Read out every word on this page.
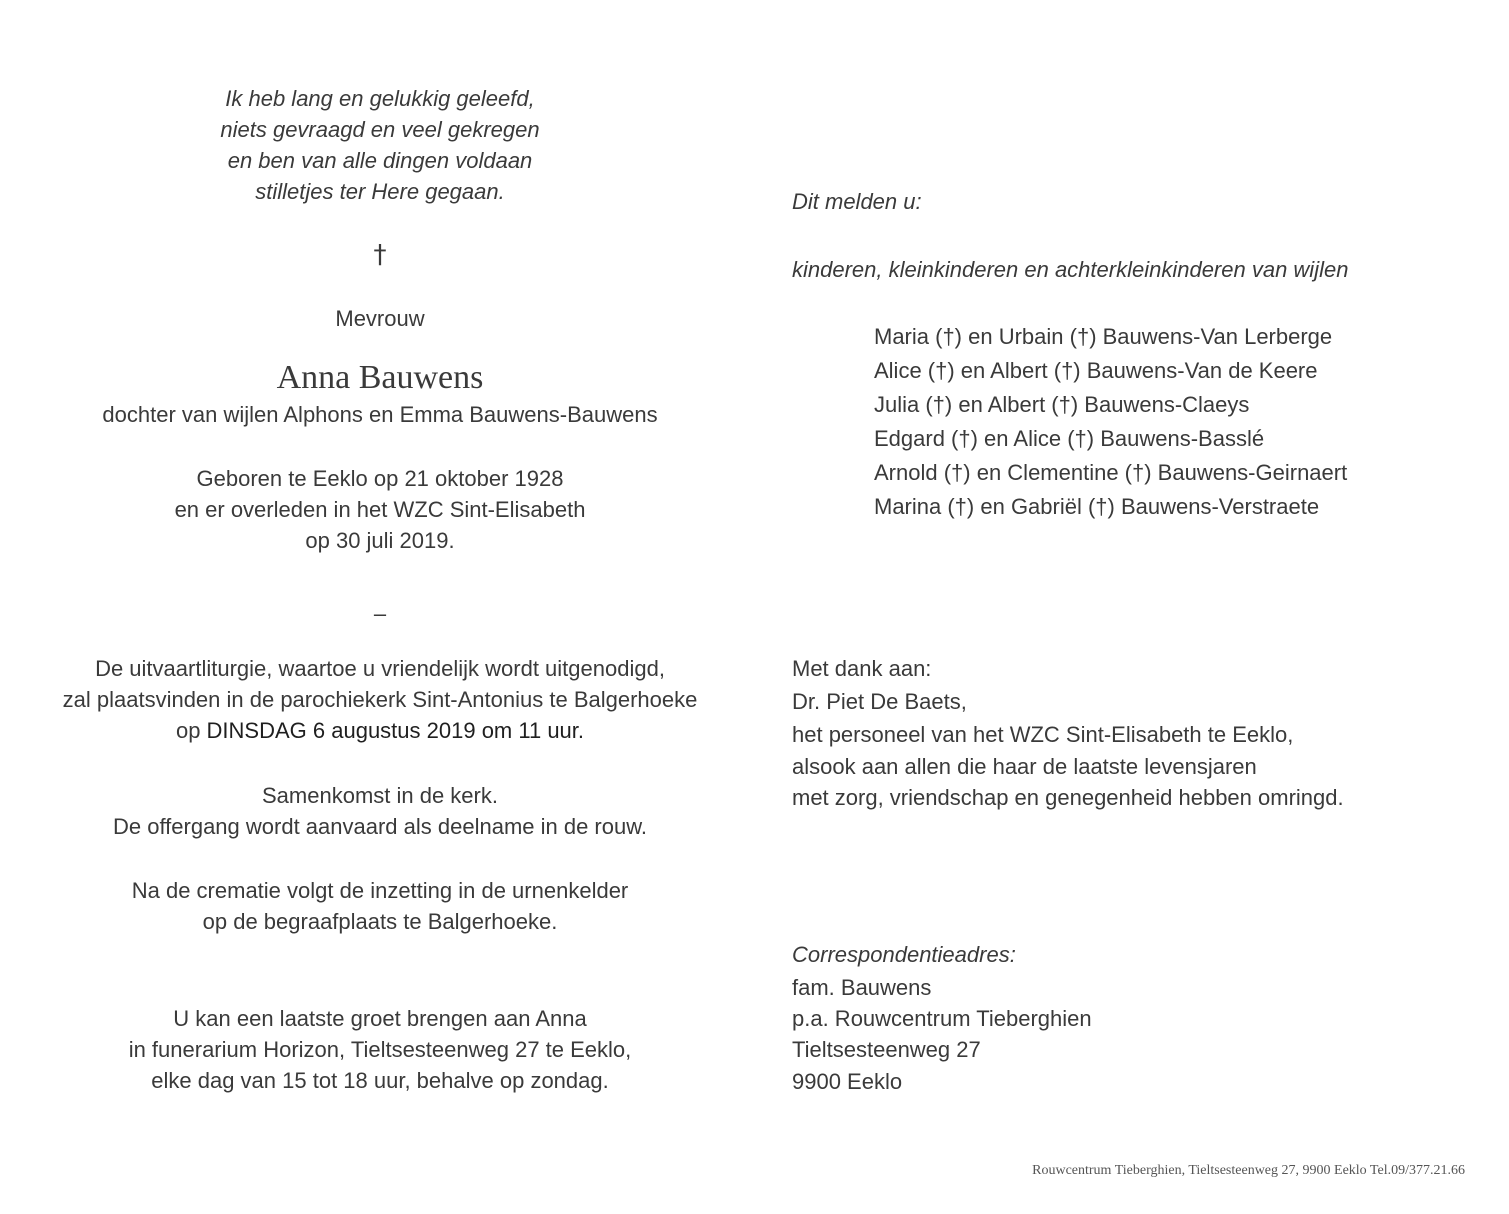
Ik heb lang en gelukkig geleefd,
niets gevraagd en veel gekregen
en ben van alle dingen voldaan
stilletjes ter Here gegaan.
†
Mevrouw
Anna Bauwens
dochter van wijlen Alphons en Emma Bauwens-Bauwens
Geboren te Eeklo op 21 oktober 1928
en er overleden in het WZC Sint-Elisabeth
op 30 juli 2019.
–
De uitvaartliturgie, waartoe u vriendelijk wordt uitgenodigd,
zal plaatsvinden in de parochiekerk Sint-Antonius te Balgerhoeke
op DINSDAG 6 augustus 2019 om 11 uur.
Samenkomst in de kerk.
De offergang wordt aanvaard als deelname in de rouw.
Na de crematie volgt de inzetting in de urnenkelder
op de begraafplaats te Balgerhoeke.
U kan een laatste groet brengen aan Anna
in funerarium Horizon, Tieltsesteenweg 27 te Eeklo,
elke dag van 15 tot 18 uur, behalve op zondag.
Dit melden u:
kinderen, kleinkinderen en achterkleinkinderen van wijlen
Maria (†) en Urbain (†) Bauwens-Van Lerberge
Alice (†) en Albert (†) Bauwens-Van de Keere
Julia (†) en Albert (†) Bauwens-Claeys
Edgard (†) en Alice (†) Bauwens-Basslé
Arnold (†) en Clementine (†) Bauwens-Geirnaert
Marina (†) en Gabriël (†) Bauwens-Verstraete
Met dank aan:
Dr. Piet De Baets,
het personeel van het WZC Sint-Elisabeth te Eeklo,
alsook aan allen die haar de laatste levensjaren
met zorg, vriendschap en genegenheid hebben omringd.
Correspondentieadres:
fam. Bauwens
p.a. Rouwcentrum Tieberghien
Tieltsesteenweg 27
9900 Eeklo
Rouwcentrum Tieberghien, Tieltsesteenweg 27, 9900 Eeklo Tel.09/377.21.66
